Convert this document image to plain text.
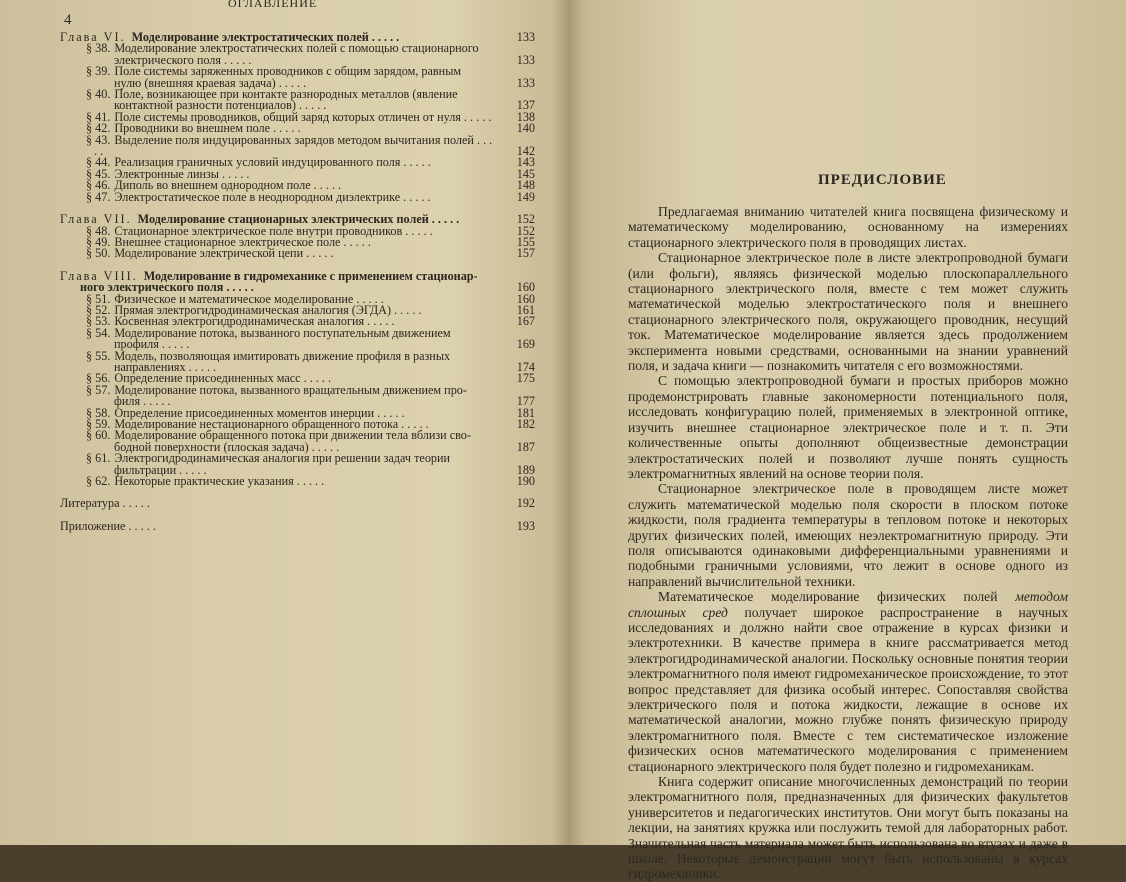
4
ОГЛАВЛЕНИЕ
Глава VI. Моделирование электростатических полей . . . . .	133
§ 38. Моделирование электростатических полей с помощью стационарного
электрического поля . . . . .	133
§ 39. Поле системы заряженных проводников с общим зарядом, равным
нулю (внешняя краевая задача) . . . . .	133
§ 40. Поле, возникающее при контакте разнородных металлов (явление
контактной разности потенциалов) . . . . .	137
§ 41. Поле системы проводников, общий заряд которых отличен от нуля . . . . . 138
§ 42. Проводники во внешнем поле . . . . .	140
§ 43. Выделение поля индуцированных зарядов методом вычитания полей . . . . .	142
§ 44. Реализация граничных условий индуцированного поля . . . . .	143
§ 45. Электронные линзы . . . . .	145
§ 46. Диполь во внешнем однородном поле . . . . .	148
§ 47. Электростатическое поле в неоднородном диэлектрике . . . . .	149
Глава VII. Моделирование стационарных электрических полей . . . . .	152
§ 48. Стационарное электрическое поле внутри проводников . . . . .	152
§ 49. Внешнее стационарное электрическое поле . . . . .	155
§ 50. Моделирование электрической цепи . . . . .	157
Глава VIII. Моделирование в гидромеханике с применением стационар-
ного электрического поля . . . . .	160
§ 51. Физическое и математическое моделирование . . . . .	160
§ 52. Прямая электрогидродинамическая аналогия (ЭГДА) . . . . .	161
§ 53. Косвенная электрогидродинамическая аналогия . . . . .	167
§ 54. Моделирование потока, вызванного поступательным движением
профиля . . . . .	169
§ 55. Модель, позволяющая имитировать движение профиля в разных
направлениях . . . . .	174
§ 56. Определение присоединенных масс . . . . .	175
§ 57. Моделирование потока, вызванного вращательным движением про-
филя . . . . .	177
§ 58. Определение присоединенных моментов инерции . . . . .	181
§ 59. Моделирование нестационарного обращенного потока . . . . .	182
§ 60. Моделирование обращенного потока при движении тела вблизи сво-
бодной поверхности (плоская задача) . . . . .	187
§ 61. Электрогидродинамическая аналогия при решении задач теории
фильтрации . . . . .	189
§ 62. Некоторые практические указания . . . . .	190
Литература . . . . .	192
Приложение . . . . .	193
ПРЕДИСЛОВИЕ

Предлагаемая вниманию читателей книга посвящена физическому и математическому моделированию, основанному на измерениях стационарного электрического поля в проводящих листах.

Стационарное электрическое поле в листе электропроводной бумаги (или фольги), являясь физической моделью плоскопараллельного стационарного электрического поля, вместе с тем может служить математической моделью электростатического поля и внешнего стационарного электрического поля, окружающего проводник, несущий ток. Математическое моделирование является здесь продолжением эксперимента новыми средствами, основанными на знании уравнений поля, и задача книги — познакомить читателя с его возможностями.

С помощью электропроводной бумаги и простых приборов можно продемонстрировать главные закономерности потенциального поля, исследовать конфигурацию полей, применяемых в электронной оптике, изучить внешнее стационарное электрическое поле и т. п. Эти количественные опыты дополняют общеизвестные демонстрации электростатических полей и позволяют лучше понять сущность электромагнитных явлений на основе теории поля.

Стационарное электрическое поле в проводящем листе может служить математической моделью поля скорости в плоском потоке жидкости, поля градиента температуры в тепловом потоке и некоторых других физических полей, имеющих неэлектромагнитную природу. Эти поля описываются одинаковыми дифференциальными уравнениями и подобными граничными условиями, что лежит в основе одного из направлений вычислительной техники.

Математическое моделирование физических полей методом сплошных сред получает широкое распространение в научных исследованиях и должно найти свое отражение в курсах физики и электротехники. В качестве примера в книге рассматривается метод электрогидродинамической аналогии. Поскольку основные понятия теории электромагнитного поля имеют гидромеханическое происхождение, то этот вопрос представляет для физика особый интерес. Сопоставляя свойства электрического поля и потока жидкости, лежащие в основе их математической аналогии, можно глубже понять физическую природу электромагнитного поля. Вместе с тем систематическое изложение физических основ математического моделирования с применением стационарного электрического поля будет полезно и гидромеханикам.

Книга содержит описание многочисленных демонстраций по теории электромагнитного поля, предназначенных для физических факультетов университетов и педагогических институтов. Они могут быть показаны на лекции, на занятиях кружка или послужить темой для лабораторных работ. Значительная часть материала может быть использована во втузах и даже в школе. Некоторые демонстрации могут быть использованы в курсах гидромеханики.
